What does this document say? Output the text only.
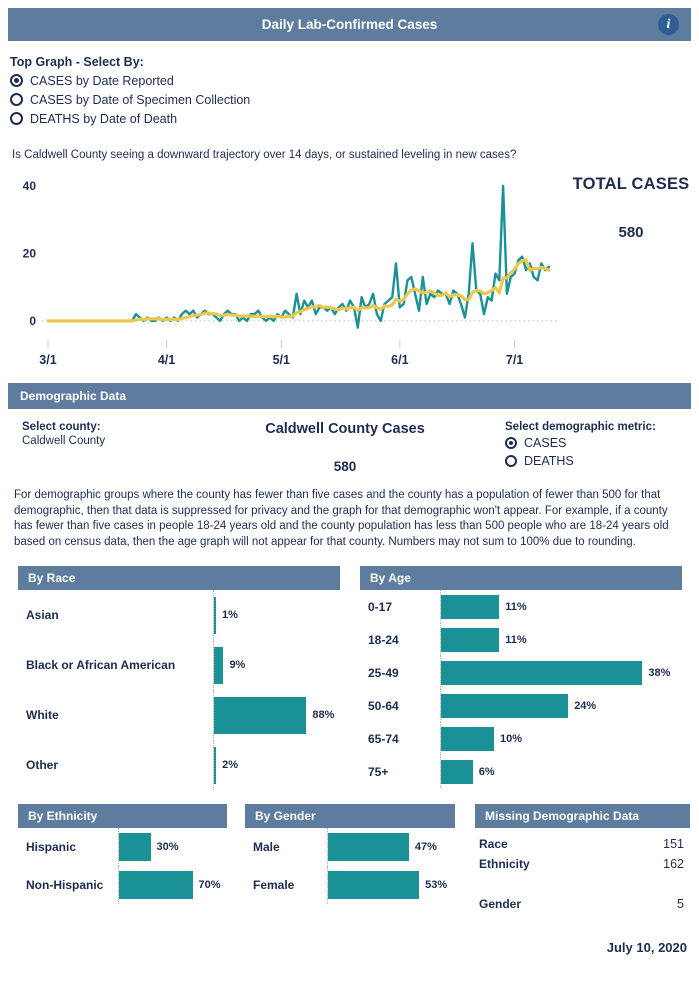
Daily Lab-Confirmed Cases	i
Top Graph - Select By:
CASES by Date Reported
CASES by Date of Specimen Collection
DEATHS by Date of Death

Is Caldwell County seeing a downward trajectory over 14 days, or sustained leveling in new cases?

0
20
40
3/1	4/1	5/1	6/1	7/1
TOTAL CASES
580
Demographic Data
Select county:
Caldwell County
Caldwell County Cases
580
Select demographic metric:
CASES
DEATHS

For demographic groups where the county has fewer than five cases and the county has a population of fewer than 500 for that demographic, then that data is suppressed for privacy and the graph for that demographic won't appear. For example, if a county has fewer than five cases in people 18-24 years old and the county population has less than 500 people who are 18-24 years old based on census data, then the age graph will not appear for that county. Numbers may not sum to 100% due to rounding.

By Race
Asian	1%
Black or African American	9%
White	88%
Other	2%
By Age
0-17	11%
18-24	11%
25-49	38%
50-64	24%
65-74	10%
75+	6%
By Ethnicity
Hispanic	30%
Non-Hispanic	70%
By Gender
Male	47%
Female	53%
Missing Demographic Data
Race	151
Ethnicity	162
Gender	5
July 10, 2020
